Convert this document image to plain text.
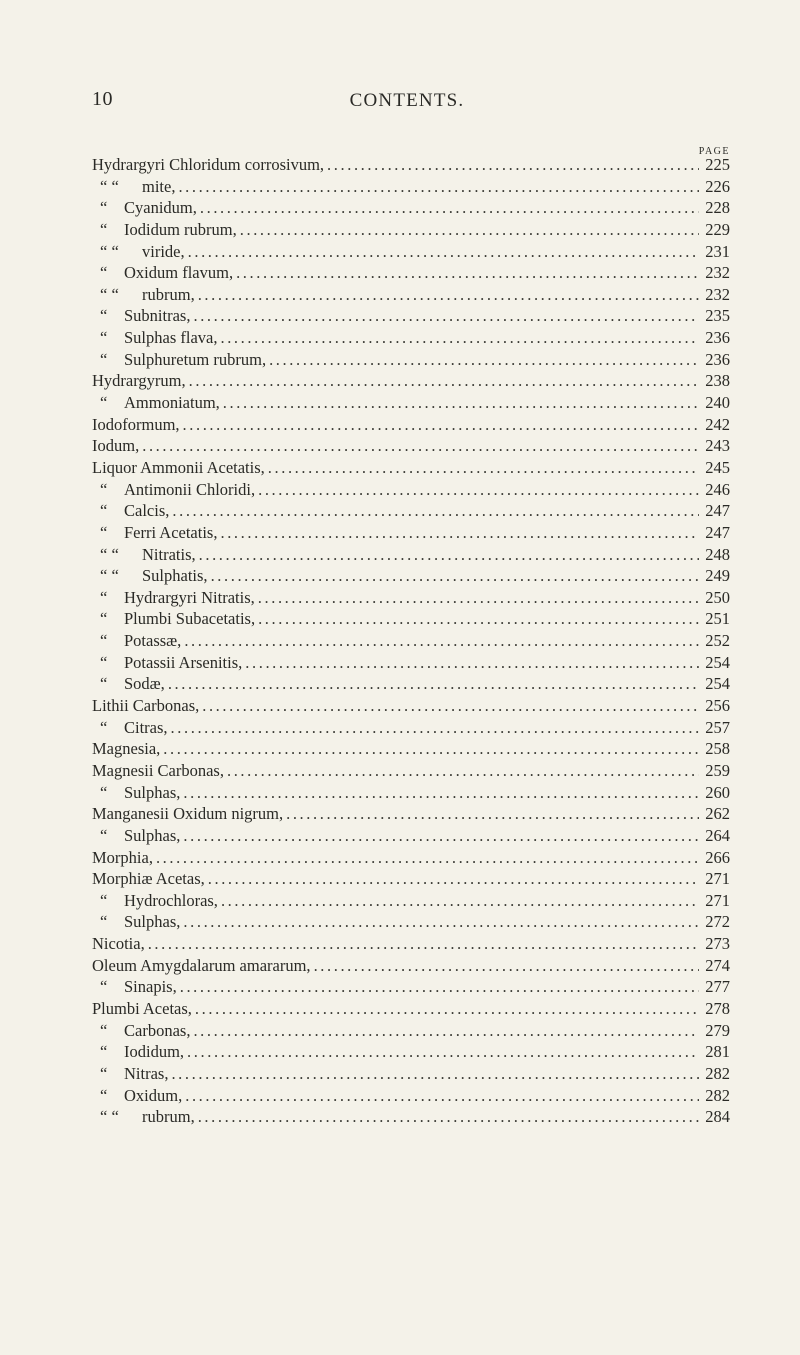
10	CONTENTS.
PAGE
Hydrargyri Chloridum corrosivum, .....	225
“ “	mite, .....	226
“	Cyanidum, .....	228
“	Iodidum rubrum, .....	229
“ “	viride, .....	231
“	Oxidum flavum, .....	232
“ “	rubrum, .....	232
“	Subnitras, .....	235
“	Sulphas flava, .....	236
“	Sulphuretum rubrum, .....	236
Hydrargyrum, .....	238
“	Ammoniatum, .....	240
Iodoformum, .....	242
Iodum, .....	243
Liquor Ammonii Acetatis, .....	245
“	Antimonii Chloridi, .....	246
“	Calcis, .....	247
“	Ferri Acetatis, .....	247
“ “	Nitratis, .....	248
“ “	Sulphatis, .....	249
“	Hydrargyri Nitratis, .....	250
“	Plumbi Subacetatis, .....	251
“	Potassæ, .....	252
“	Potassii Arsenitis, .....	254
“	Sodæ, .....	254
Lithii Carbonas, .....	256
“	Citras, .....	257
Magnesia, .....	258
Magnesii Carbonas, .....	259
“	Sulphas, .....	260
Manganesii Oxidum nigrum, .....	262
“	Sulphas, .....	264
Morphia, .....	266
Morphiæ Acetas, .....	271
“	Hydrochloras, .....	271
“	Sulphas, .....	272
Nicotia, .....	273
Oleum Amygdalarum amararum, .....	274
“	Sinapis, .....	277
Plumbi Acetas, .....	278
“	Carbonas, .....	279
“	Iodidum, .....	281
“	Nitras, .....	282
“	Oxidum, .....	282
“ “	rubrum, .....	284
